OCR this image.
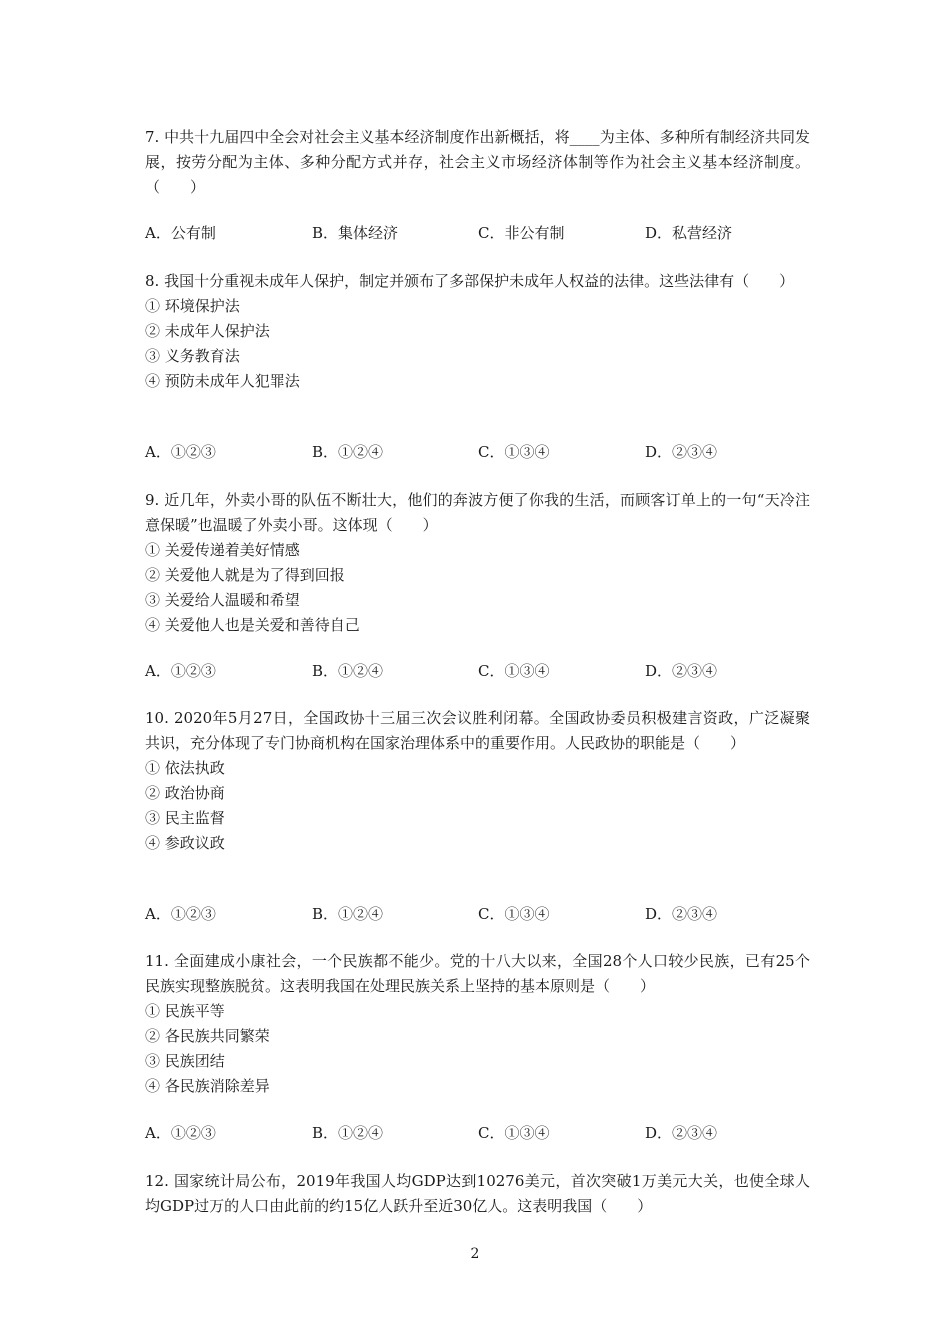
7. 中共十九届四中全会对社会主义基本经济制度作出新概括，将____为主体、多种所有制经济共同发展，按劳分配为主体、多种分配方式并存，社会主义市场经济体制等作为社会主义基本经济制度。（　　）

A．公有制	B．集体经济	C．非公有制	D．私营经济

8. 我国十分重视未成年人保护，制定并颁布了多部保护未成年人权益的法律。这些法律有（　　）

① 环境保护法

② 未成年人保护法

③ 义务教育法

④ 预防未成年人犯罪法

A．①②③	B．①②④	C．①③④	D．②③④

9. 近几年，外卖小哥的队伍不断壮大，他们的奔波方便了你我的生活，而顾客订单上的一句“天冷注意保暖”也温暖了外卖小哥。这体现（　　）

① 关爱传递着美好情感

② 关爱他人就是为了得到回报

③ 关爱给人温暖和希望

④ 关爱他人也是关爱和善待自己

A．①②③	B．①②④	C．①③④	D．②③④

10. 2020年5月27日，全国政协十三届三次会议胜利闭幕。全国政协委员积极建言资政，广泛凝聚共识，充分体现了专门协商机构在国家治理体系中的重要作用。人民政协的职能是（　　）

① 依法执政

② 政治协商

③ 民主监督

④ 参政议政

A．①②③	B．①②④	C．①③④	D．②③④

11. 全面建成小康社会，一个民族都不能少。党的十八大以来，全国28个人口较少民族，已有25个民族实现整族脱贫。这表明我国在处理民族关系上坚持的基本原则是（　　）

① 民族平等

② 各民族共同繁荣

③ 民族团结

④ 各民族消除差异

A．①②③	B．①②④	C．①③④	D．②③④

12. 国家统计局公布，2019年我国人均GDP达到10276美元，首次突破1万美元大关，也使全球人均GDP过万的人口由此前的约15亿人跃升至近30亿人。这表明我国（　　）

2
